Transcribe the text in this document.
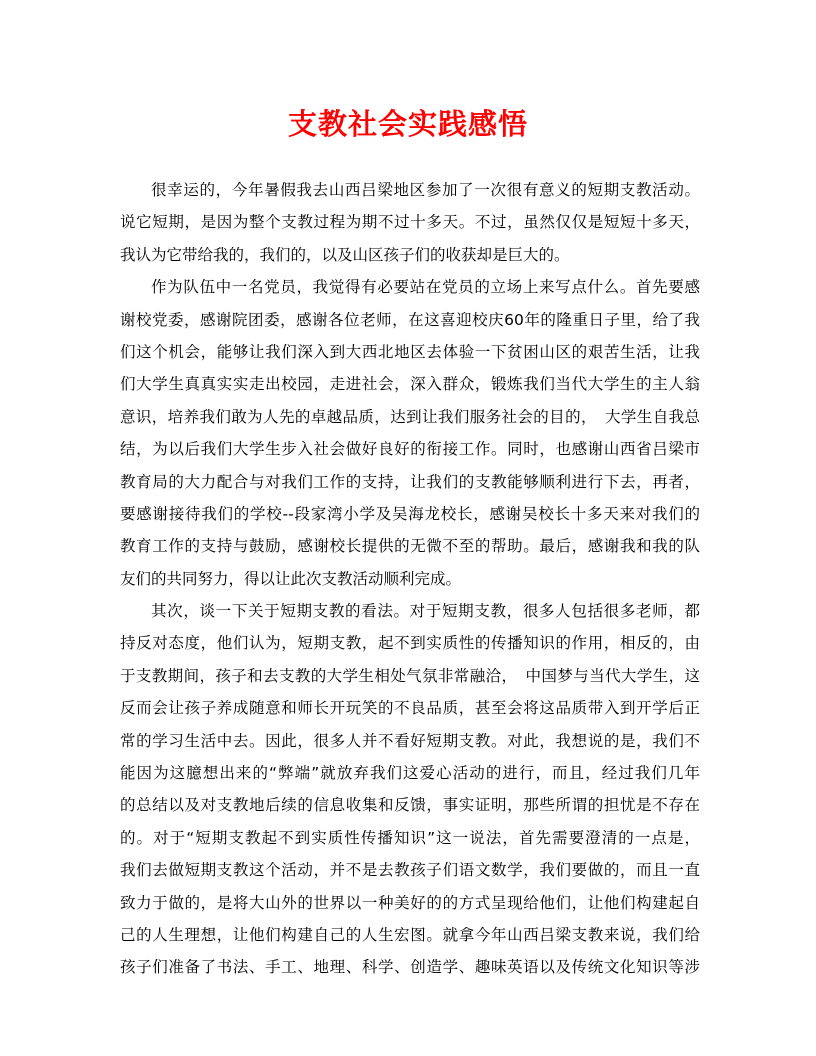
支教社会实践感悟
很幸运的，今年暑假我去山西吕梁地区参加了一次很有意义的短期支教活动。
说它短期，是因为整个支教过程为期不过十多天。不过，虽然仅仅是短短十多天，
我认为它带给我的，我们的，以及山区孩子们的收获却是巨大的。
作为队伍中一名党员，我觉得有必要站在党员的立场上来写点什么。首先要感
谢校党委，感谢院团委，感谢各位老师，在这喜迎校庆60年的隆重日子里，给了我
们这个机会，能够让我们深入到大西北地区去体验一下贫困山区的艰苦生活，让我
们大学生真真实实走出校园，走进社会，深入群众，锻炼我们当代大学生的主人翁
意识，培养我们敢为人先的卓越品质，达到让我们服务社会的目的，　大学生自我总
结，为以后我们大学生步入社会做好良好的衔接工作。同时，也感谢山西省吕梁市
教育局的大力配合与对我们工作的支持，让我们的支教能够顺利进行下去，再者，
要感谢接待我们的学校--段家湾小学及吴海龙校长，感谢吴校长十多天来对我们的
教育工作的支持与鼓励，感谢校长提供的无微不至的帮助。最后，感谢我和我的队
友们的共同努力，得以让此次支教活动顺利完成。
其次，谈一下关于短期支教的看法。对于短期支教，很多人包括很多老师，都
持反对态度，他们认为，短期支教，起不到实质性的传播知识的作用，相反的，由
于支教期间，孩子和去支教的大学生相处气氛非常融洽，　中国梦与当代大学生，这
反而会让孩子养成随意和师长开玩笑的不良品质，甚至会将这品质带入到开学后正
常的学习生活中去。因此，很多人并不看好短期支教。对此，我想说的是，我们不
能因为这臆想出来的“弊端”就放弃我们这爱心活动的进行，而且，经过我们几年
的总结以及对支教地后续的信息收集和反馈，事实证明，那些所谓的担忧是不存在
的。对于“短期支教起不到实质性传播知识”这一说法，首先需要澄清的一点是，
我们去做短期支教这个活动，并不是去教孩子们语文数学，我们要做的，而且一直
致力于做的，是将大山外的世界以一种美好的的方式呈现给他们，让他们构建起自
己的人生理想，让他们构建自己的人生宏图。就拿今年山西吕梁支教来说，我们给
孩子们准备了书法、手工、地理、科学、创造学、趣味英语以及传统文化知识等涉
